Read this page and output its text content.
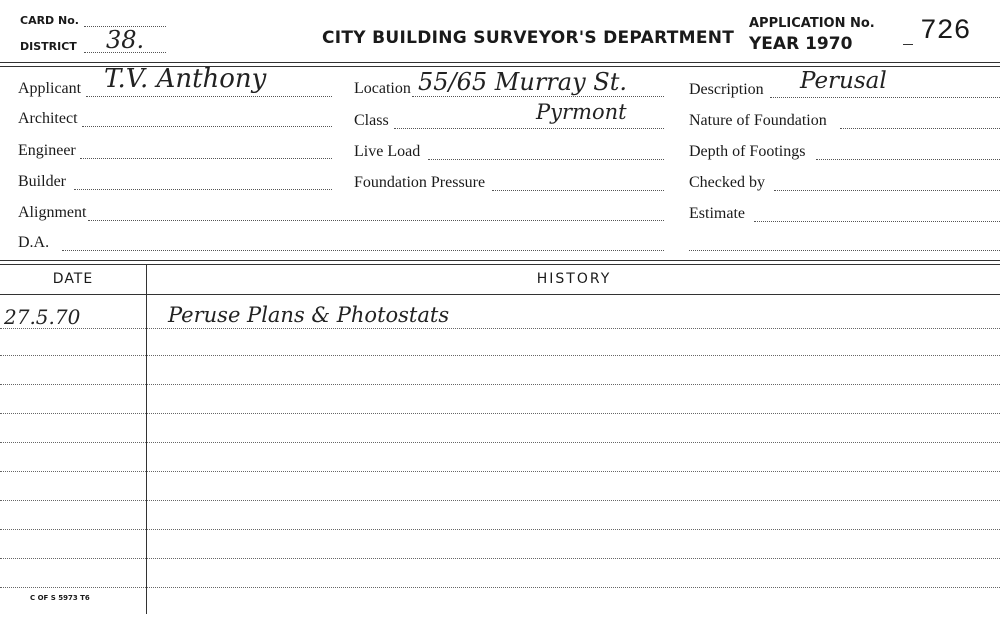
CARD No.
DISTRICT 38.	CITY BUILDING SURVEYOR'S DEPARTMENT
APPLICATION No.
YEAR 1970 726
Applicant T.V. Anthony
Architect
Engineer
Builder
Alignment
D.A.
Location 55/65 Murray St.
Class	Pyrmont
Live Load
Foundation Pressure
Description Perusal
Nature of Foundation
Depth of Footings
Checked by
Estimate
DATE	HISTORY
27.5.70	Peruse Plans & Photostats
C OF S 5973 T6
